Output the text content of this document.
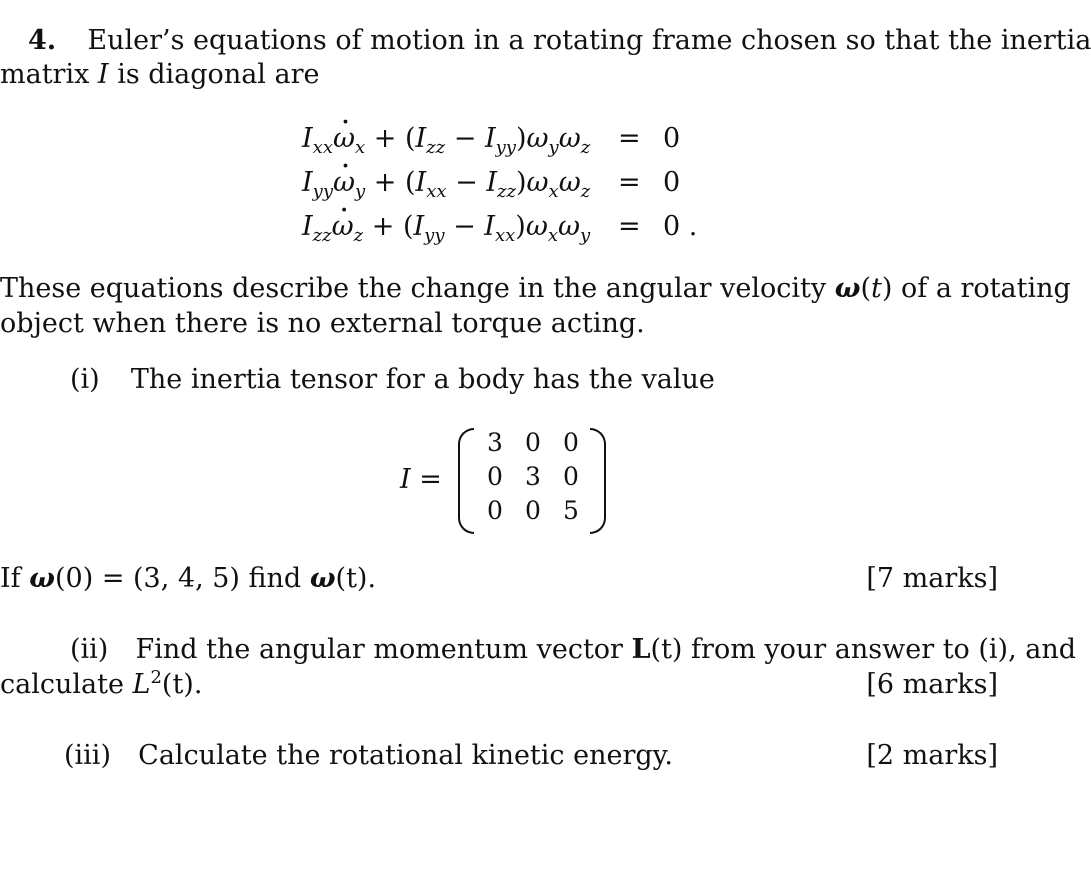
4. Euler’s equations of motion in a rotating frame chosen so that the inertia
matrix I is diagonal are
$I_{xx}\cdot \omega_x + (I_{zz} - I_{yy})\omega_y\omega_z = 0$
$I_{yy}\cdot \omega_y + (I_{xx} - I_{zz})\omega_x\omega_z = 0$
$I_{zz}\cdot \omega_z + (I_{yy} - I_{xx})\omega_x\omega_y = 0$ .
These equations describe the change in the angular velocity ω(t) of a rotating
object when there is no external torque acting.
(i) The inertia tensor for a body has the value
I =
3 0 0
0 3 0
0 0 5
If ω(0) = (3, 4, 5) find ω(t).	[7 marks]
(ii) Find the angular momentum vector L(t) from your answer to (i), and
calculate $L^2(t)$.	[6 marks]
(iii) Calculate the rotational kinetic energy.	[2 marks]
